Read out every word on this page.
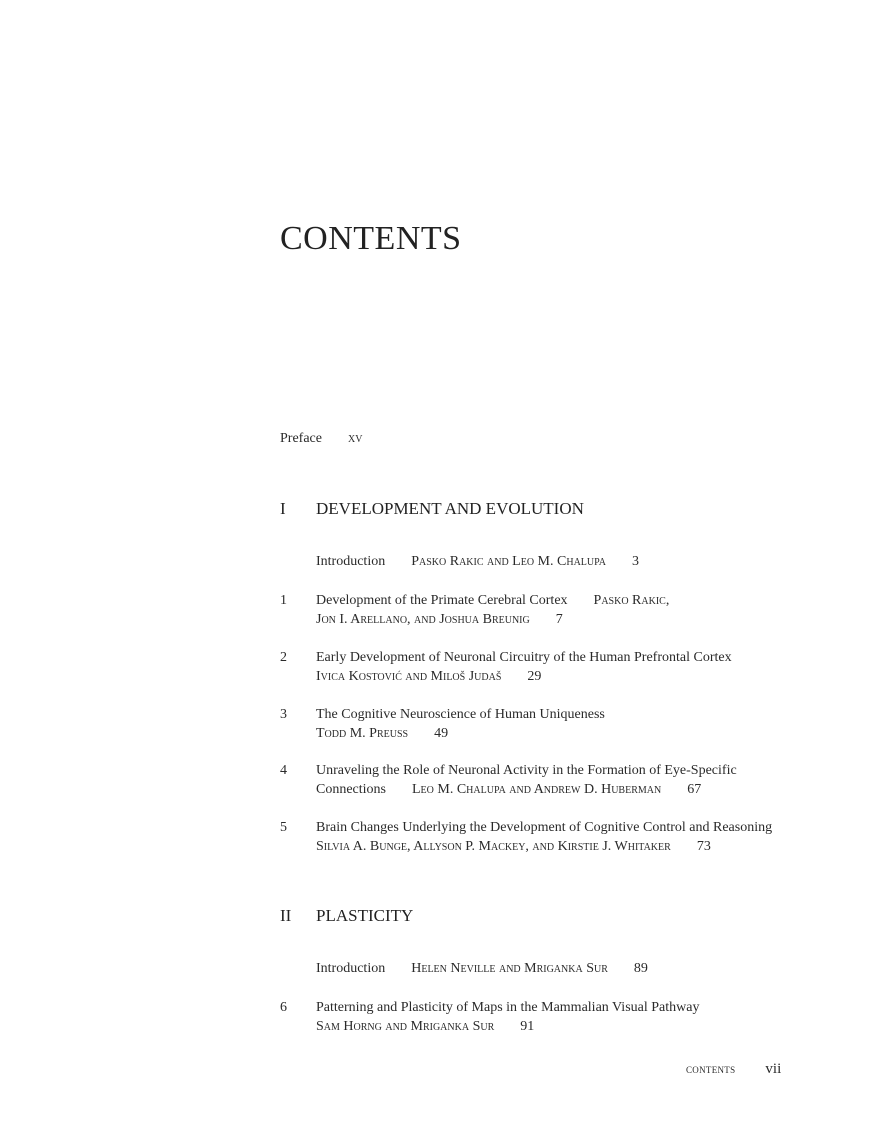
CONTENTS
Preface xv
I DEVELOPMENT AND EVOLUTION
Introduction Pasko Rakic and Leo M. Chalupa 3
1 Development of the Primate Cerebral Cortex Pasko Rakic,
Jon I. Arellano, and Joshua Breunig 7
2 Early Development of Neuronal Circuitry of the Human Prefrontal Cortex
Ivica Kostović and Miloš Judaš 29
3 The Cognitive Neuroscience of Human Uniqueness
Todd M. Preuss 49
4 Unraveling the Role of Neuronal Activity in the Formation of Eye-Specific
Connections Leo M. Chalupa and Andrew D. Huberman 67
5 Brain Changes Underlying the Development of Cognitive Control and Reasoning
Silvia A. Bunge, Allyson P. Mackey, and Kirstie J. Whitaker 73
II PLASTICITY
Introduction Helen Neville and Mriganka Sur 89
6 Patterning and Plasticity of Maps in the Mammalian Visual Pathway
Sam Horng and Mriganka Sur 91
contents vii
